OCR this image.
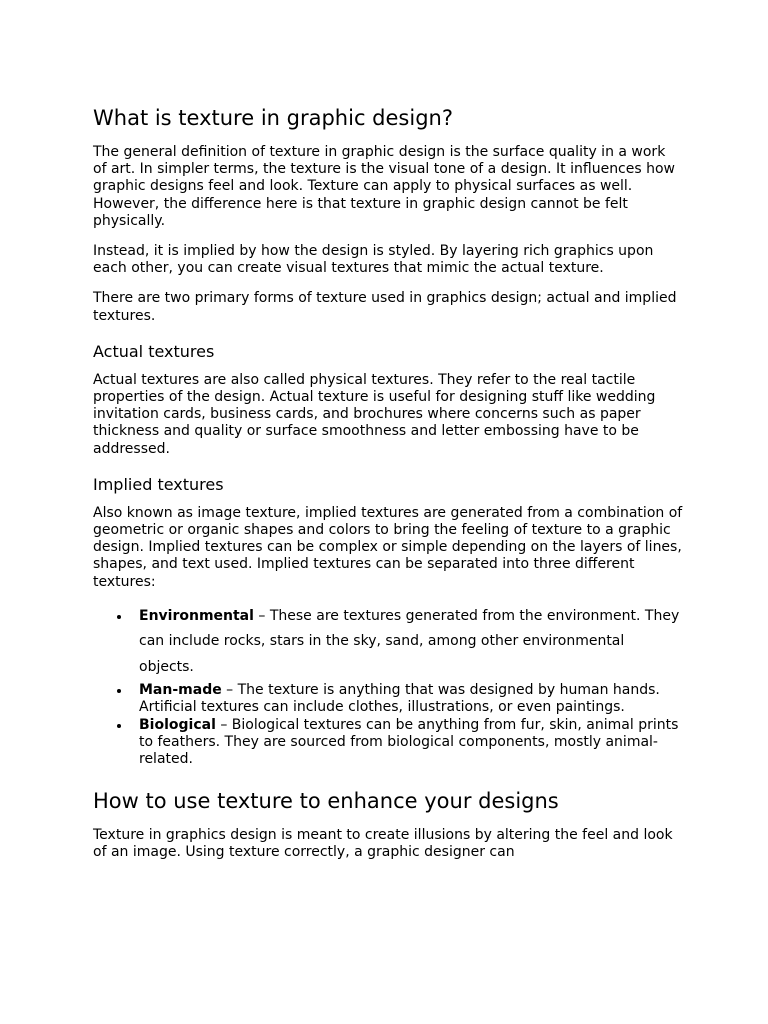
What is texture in graphic design?

The general definition of texture in graphic design is the surface quality in a work of art. In simpler terms, the texture is the visual tone of a design. It influences how graphic designs feel and look. Texture can apply to physical surfaces as well. However, the difference here is that texture in graphic design cannot be felt physically.

Instead, it is implied by how the design is styled. By layering rich graphics upon each other, you can create visual textures that mimic the actual texture.

There are two primary forms of texture used in graphics design; actual and implied textures.

Actual textures

Actual textures are also called physical textures. They refer to the real tactile properties of the design. Actual texture is useful for designing stuff like wedding invitation cards, business cards, and brochures where concerns such as paper thickness and quality or surface smoothness and letter embossing have to be addressed.

Implied textures

Also known as image texture, implied textures are generated from a combination of geometric or organic shapes and colors to bring the feeling of texture to a graphic design. Implied textures can be complex or simple depending on the layers of lines, shapes, and text used. Implied textures can be separated into three different textures:

Environmental – These are textures generated from the environment. They can include rocks, stars in the sky, sand, among other environmental objects.
Man-made – The texture is anything that was designed by human hands. Artificial textures can include clothes, illustrations, or even paintings.
Biological – Biological textures can be anything from fur, skin, animal prints to feathers. They are sourced from biological components, mostly animal-related.
How to use texture to enhance your designs

Texture in graphics design is meant to create illusions by altering the feel and look of an image. Using texture correctly, a graphic designer can
